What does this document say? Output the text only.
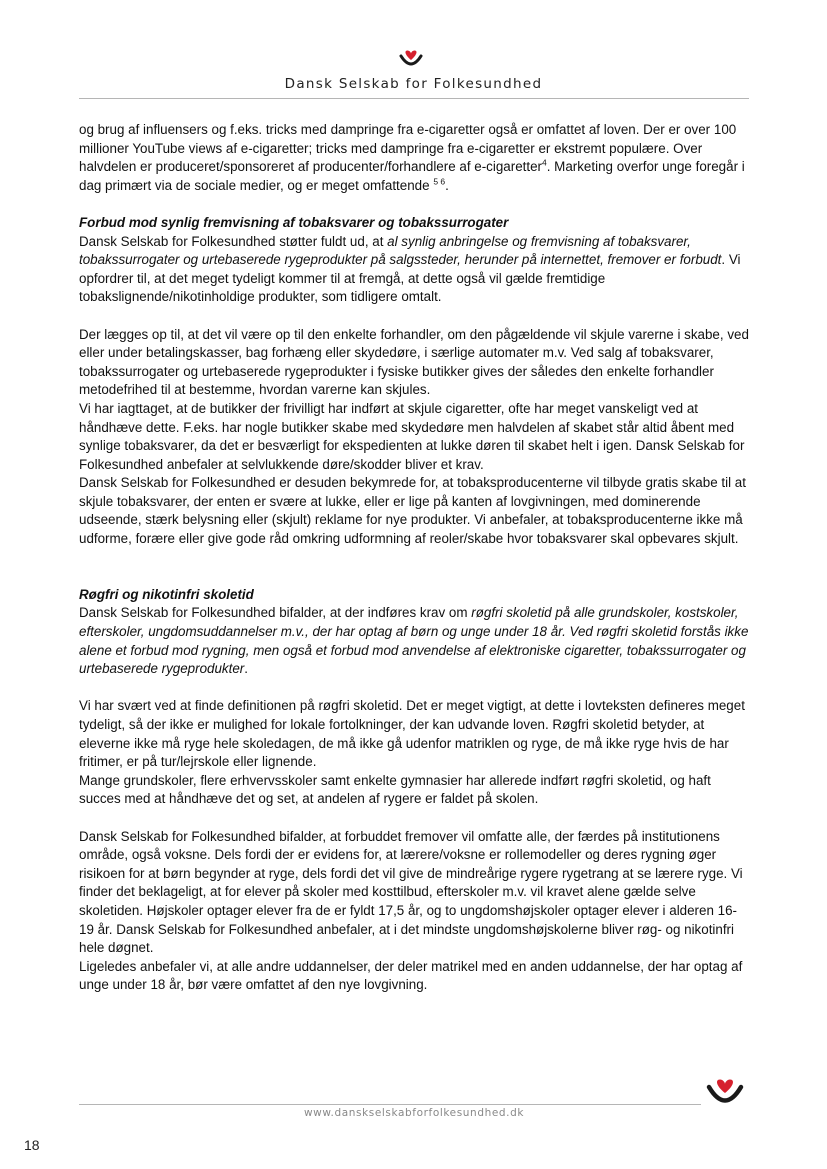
Dansk Selskab for Folkesundhed

og brug af influensers og f.eks. tricks med dampringe fra e-cigaretter også er omfattet af loven. Der er over 100 millioner YouTube views af e-cigaretter; tricks med dampringe fra e-cigaretter er ekstremt populære. Over halvdelen er produceret/sponsoreret af producenter/forhandlere af e-cigaretter$^4$. Marketing overfor unge foregår i dag primært via de sociale medier, og er meget omfattende $^{5 6}$.

Forbud mod synlig fremvisning af tobaksvarer og tobakssurrogater

Dansk Selskab for Folkesundhed støtter fuldt ud, at al synlig anbringelse og fremvisning af tobaksvarer, tobakssurrogater og urtebaserede rygeprodukter på salgssteder, herunder på internettet, fremover er forbudt. Vi opfordrer til, at det meget tydeligt kommer til at fremgå, at dette også vil gælde fremtidige tobakslignende/nikotinholdige produkter, som tidligere omtalt.

Der lægges op til, at det vil være op til den enkelte forhandler, om den pågældende vil skjule varerne i skabe, ved eller under betalingskasser, bag forhæng eller skydedøre, i særlige automater m.v. Ved salg af tobaksvarer, tobakssurrogater og urtebaserede rygeprodukter i fysiske butikker gives der således den enkelte forhandler metodefrihed til at bestemme, hvordan varerne kan skjules.

Vi har iagttaget, at de butikker der frivilligt har indført at skjule cigaretter, ofte har meget vanskeligt ved at håndhæve dette. F.eks. har nogle butikker skabe med skydedøre men halvdelen af skabet står altid åbent med synlige tobaksvarer, da det er besværligt for ekspedienten at lukke døren til skabet helt i igen. Dansk Selskab for Folkesundhed anbefaler at selvlukkende døre/skodder bliver et krav.

Dansk Selskab for Folkesundhed er desuden bekymrede for, at tobaksproducenterne vil tilbyde gratis skabe til at skjule tobaksvarer, der enten er svære at lukke, eller er lige på kanten af lovgivningen, med dominerende udseende, stærk belysning eller (skjult) reklame for nye produkter. Vi anbefaler, at tobaksproducenterne ikke må udforme, forære eller give gode råd omkring udformning af reoler/skabe hvor tobaksvarer skal opbevares skjult.

Røgfri og nikotinfri skoletid

Dansk Selskab for Folkesundhed bifalder, at der indføres krav om røgfri skoletid på alle grundskoler, kostskoler, efterskoler, ungdomsuddannelser m.v., der har optag af børn og unge under 18 år. Ved røgfri skoletid forstås ikke alene et forbud mod rygning, men også et forbud mod anvendelse af elektroniske cigaretter, tobakssurrogater og urtebaserede rygeprodukter.

Vi har svært ved at finde definitionen på røgfri skoletid. Det er meget vigtigt, at dette i lovteksten defineres meget tydeligt, så der ikke er mulighed for lokale fortolkninger, der kan udvande loven. Røgfri skoletid betyder, at eleverne ikke må ryge hele skoledagen, de må ikke gå udenfor matriklen og ryge, de må ikke ryge hvis de har fritimer, er på tur/lejrskole eller lignende.

Mange grundskoler, flere erhvervsskoler samt enkelte gymnasier har allerede indført røgfri skoletid, og haft succes med at håndhæve det og set, at andelen af rygere er faldet på skolen.

Dansk Selskab for Folkesundhed bifalder, at forbuddet fremover vil omfatte alle, der færdes på institutionens område, også voksne. Dels fordi der er evidens for, at lærere/voksne er rollemodeller og deres rygning øger risikoen for at børn begynder at ryge, dels fordi det vil give de mindreårige rygere rygetrang at se lærere ryge. Vi finder det beklageligt, at for elever på skoler med kosttilbud, efterskoler m.v. vil kravet alene gælde selve skoletiden. Højskoler optager elever fra de er fyldt 17,5 år, og to ungdomshøjskoler optager elever i alderen 16-19 år. Dansk Selskab for Folkesundhed anbefaler, at i det mindste ungdomshøjskolerne bliver røg- og nikotinfri hele døgnet.

Ligeledes anbefaler vi, at alle andre uddannelser, der deler matrikel med en anden uddannelse, der har optag af unge under 18 år, bør være omfattet af den nye lovgivning.

www.danskselskabforfolkesundhed.dk
18
